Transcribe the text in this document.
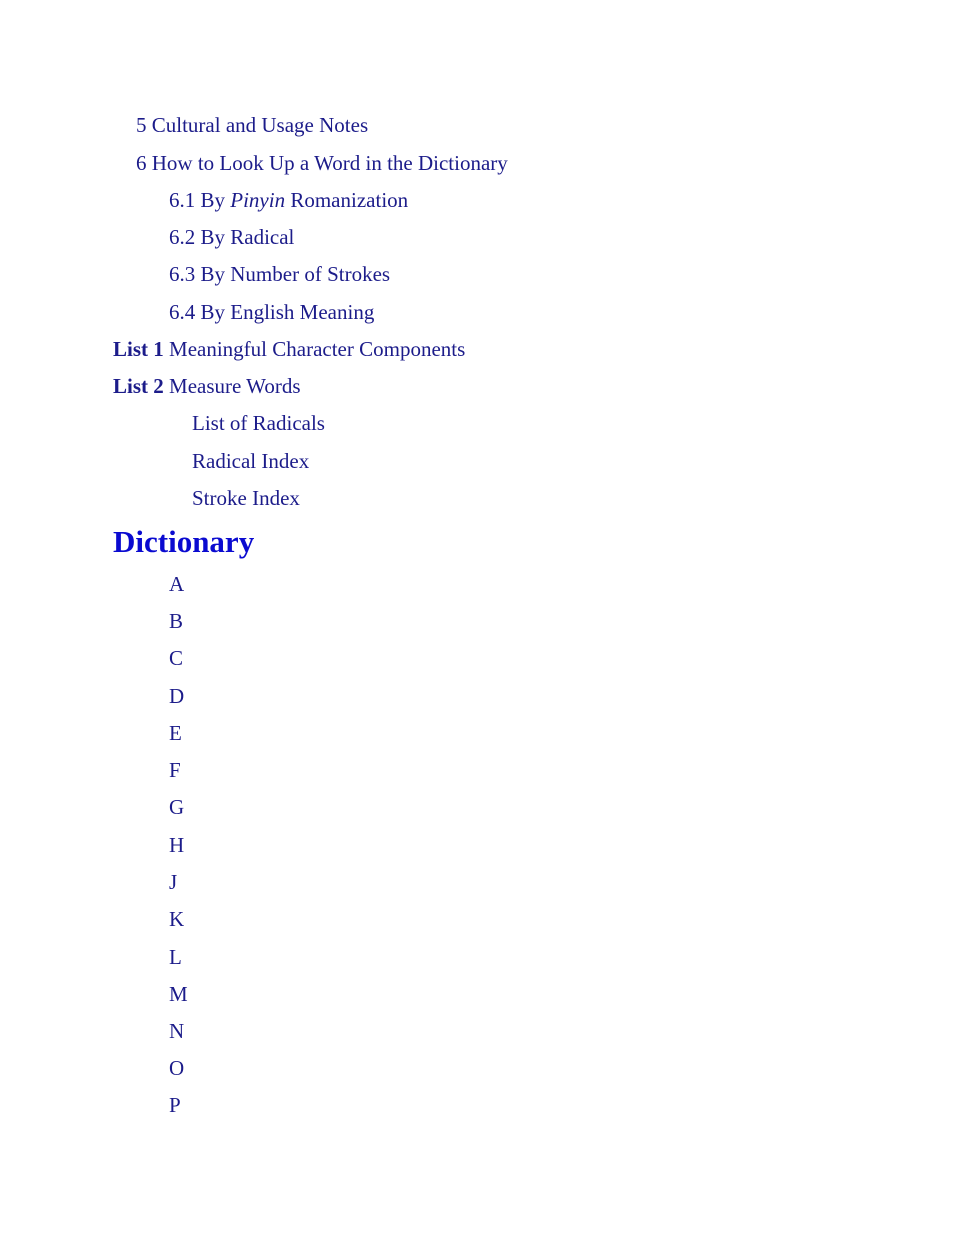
5 Cultural and Usage Notes
6 How to Look Up a Word in the Dictionary
6.1 By Pinyin Romanization
6.2 By Radical
6.3 By Number of Strokes
6.4 By English Meaning
List 1 Meaningful Character Components
List 2 Measure Words
List of Radicals
Radical Index
Stroke Index
Dictionary
A
B
C
D
E
F
G
H
J
K
L
M
N
O
P
